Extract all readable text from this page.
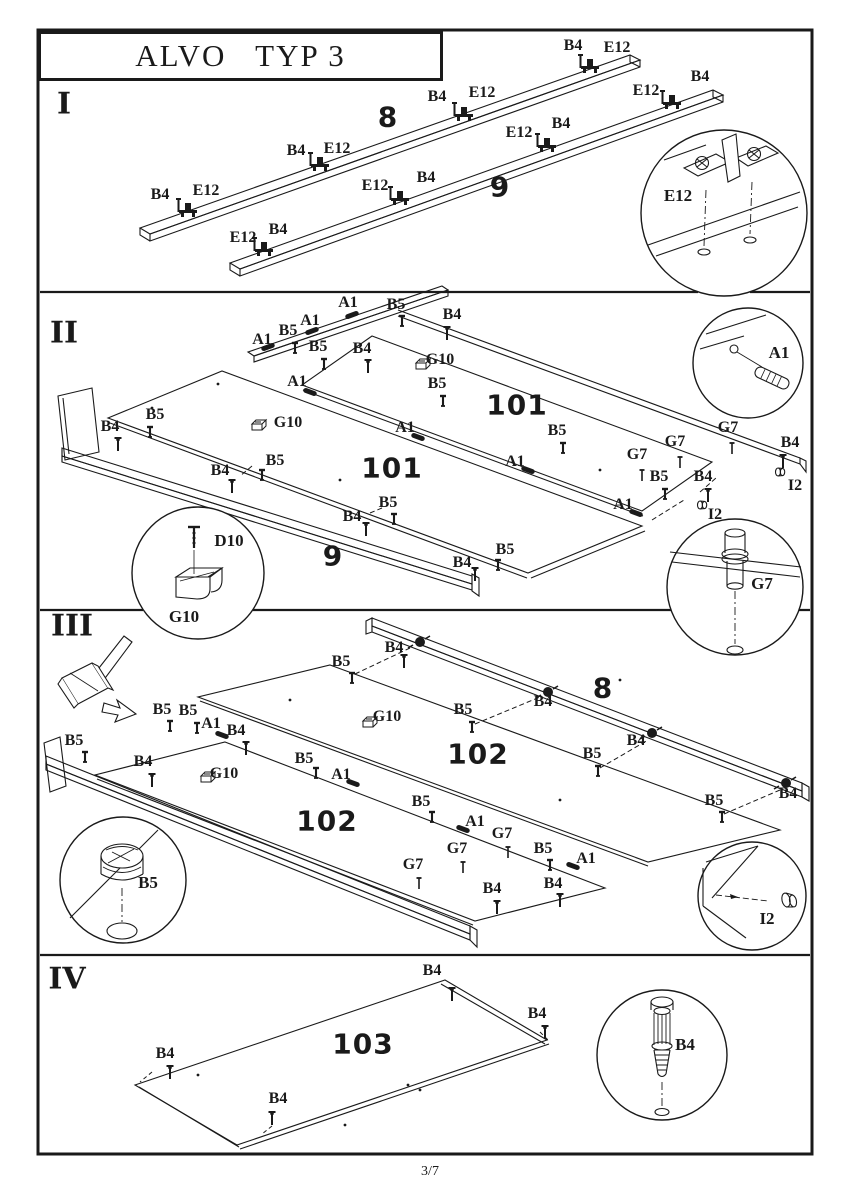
ALVO   TYP 3
I
II
III
IV
B4 E12
B4 E12
B4 E12
B4 E12
E12 B4
E12 B4
E12
B4
E12
B4
8
9	E12
A1 B5
B4
A1
B5
A1 B5 B4
G10
A1	B5
B5
B4	G10	A1	B5	G7
G7
G7
B4
B5
B4
A1
B5 B4
I2
B5	A1
B4	I2
B5
B4
101
101
9
A1
D10
G10
G7
B4
B5
B5 B5
A1 B4
B5
B4
G10
B5
A1
G10	B5	B4
B4
B5
B4
B5
B5
A1
G7
G7
G7
B5
A1
B4	B4
8
102
102
B5
I2
B4
B4
B4
B4
103	B4
3/7
